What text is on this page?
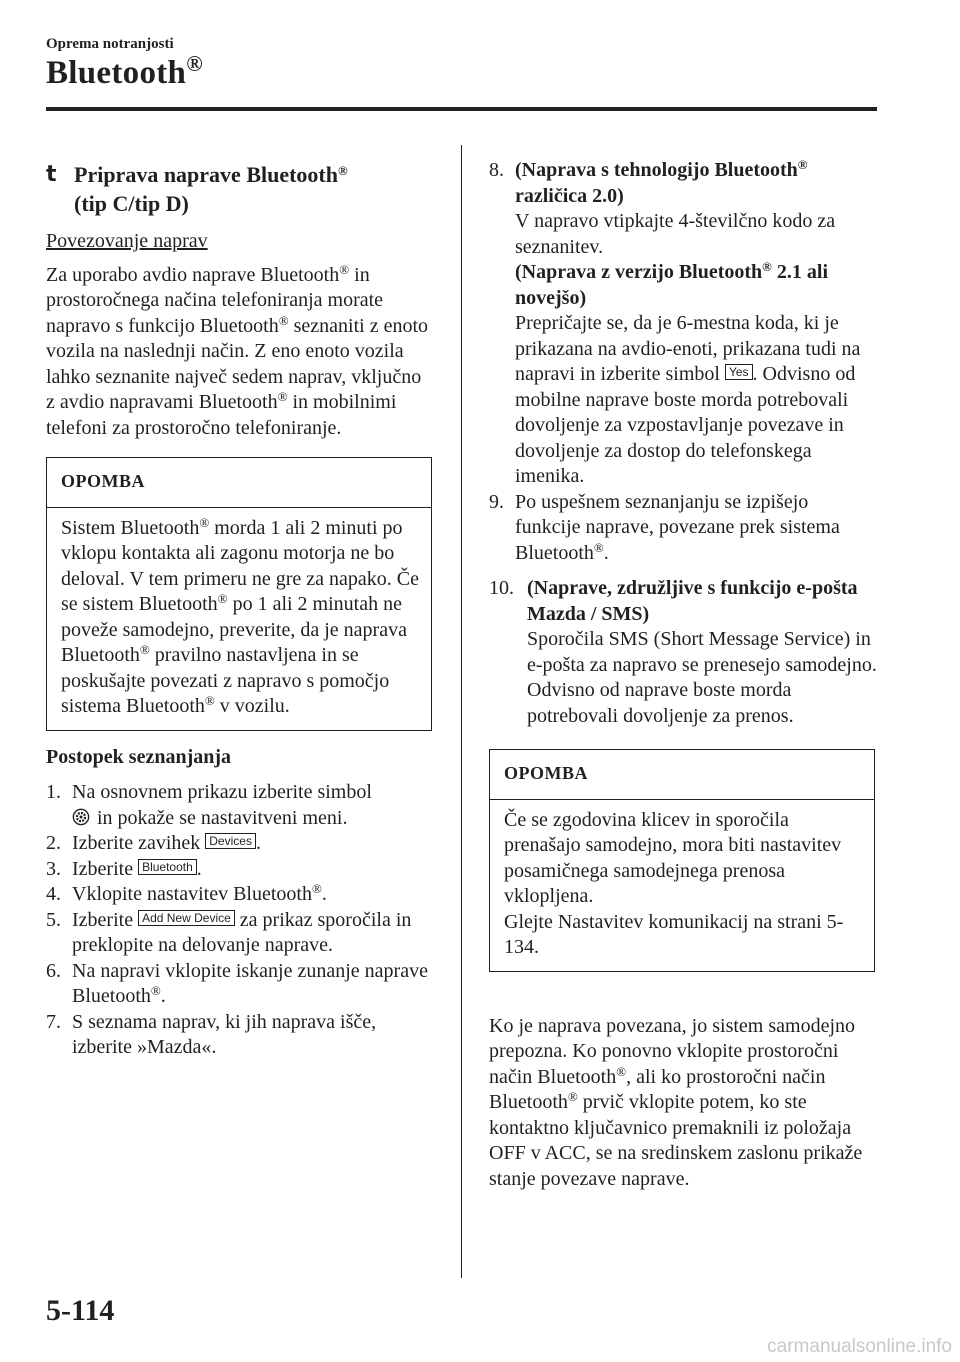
Oprema notranjosti
Bluetooth®
t Priprava naprave Bluetooth®
(tip C/tip D)
Povezovanje naprav

Za uporabo avdio naprave Bluetooth® in prostoročnega načina telefoniranja morate napravo s funkcijo Bluetooth® seznaniti z enoto vozila na naslednji način. Z eno enoto vozila lahko seznanite največ sedem naprav, vključno z avdio napravami Bluetooth® in mobilnimi telefoni za prostoročno telefoniranje.

OPOMBA
Sistem Bluetooth® morda 1 ali 2 minuti po vklopu kontakta ali zagonu motorja ne bo deloval. V tem primeru ne gre za napako. Če se sistem Bluetooth® po 1 ali 2 minutah ne poveže samodejno, preverite, da je naprava Bluetooth® pravilno nastavljena in se poskušajte povezati z napravo s pomočjo sistema Bluetooth® v vozilu.
Postopek seznanjanja

1. Na osnovnem prikazu izberite simbol
in pokaže se nastavitveni meni.

2. Izberite zavihek Devices .

3. Izberite Bluetooth .

4. Vklopite nastavitev Bluetooth®.

5. Izberite Add New Device za prikaz sporočila in preklopite na delovanje naprave.

6. Na napravi vklopite iskanje zunanje naprave Bluetooth®.

7. S seznama naprav, ki jih naprava išče, izberite »Mazda«.

8. (Naprava s tehnologijo Bluetooth® različica 2.0)
V napravo vtipkajte 4-številčno kodo za seznanitev.
(Naprava z verzijo Bluetooth® 2.1 ali novejšo)
Prepričajte se, da je 6-mestna koda, ki je prikazana na avdio-enoti, prikazana tudi na napravi in izberite simbol Yes . Odvisno od mobilne naprave boste morda potrebovali dovoljenje za vzpostavljanje povezave in dovoljenje za dostop do telefonskega imenika.

9. Po uspešnem seznanjanju se izpišejo funkcije naprave, povezane prek sistema Bluetooth®.

10. (Naprave, združljive s funkcijo e-pošta Mazda / SMS)
Sporočila SMS (Short Message Service) in e-pošta za napravo se prenesejo samodejno. Odvisno od naprave boste morda potrebovali dovoljenje za prenos.
OPOMBA
Če se zgodovina klicev in sporočila prenašajo samodejno, mora biti nastavitev posamičnega samodejnega prenosa vklopljena.
Glejte Nastavitev komunikacij na strani 5-134.

Ko je naprava povezana, jo sistem samodejno prepozna. Ko ponovno vklopite prostoročni način Bluetooth®, ali ko prostoročni način Bluetooth® prvič vklopite potem, ko ste kontaktno ključavnico premaknili iz položaja OFF v ACC, se na sredinskem zaslonu prikaže stanje povezave naprave.

5-114
carmanualsonline.info
